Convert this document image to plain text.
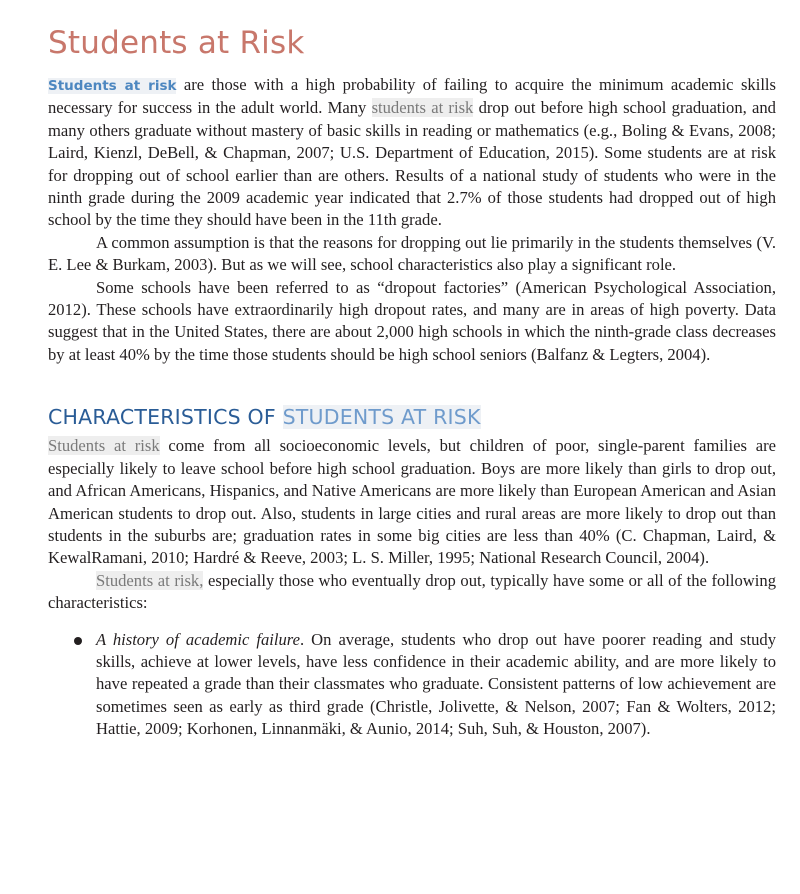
Students at Risk

Students at risk are those with a high probability of failing to acquire the minimum academic skills necessary for success in the adult world. Many students at risk drop out before high school graduation, and many others graduate without mastery of basic skills in reading or mathematics (e.g., Boling & Evans, 2008; Laird, Kienzl, DeBell, & Chapman, 2007; U.S. Department of Education, 2015). Some students are at risk for dropping out of school earlier than are others. Results of a national study of students who were in the ninth grade during the 2009 academic year indicated that 2.7% of those students had dropped out of high school by the time they should have been in the 11th grade.

A common assumption is that the reasons for dropping out lie primarily in the students themselves (V. E. Lee & Burkam, 2003). But as we will see, school characteristics also play a significant role.

Some schools have been referred to as “dropout factories” (American Psychological Association, 2012). These schools have extraordinarily high dropout rates, and many are in areas of high poverty. Data suggest that in the United States, there are about 2,000 high schools in which the ninth-grade class decreases by at least 40% by the time those students should be high school seniors (Balfanz & Legters, 2004).

CHARACTERISTICS OF STUDENTS AT RISK

Students at risk come from all socioeconomic levels, but children of poor, single-parent families are especially likely to leave school before high school graduation. Boys are more likely than girls to drop out, and African Americans, Hispanics, and Native Americans are more likely than European American and Asian American students to drop out. Also, students in large cities and rural areas are more likely to drop out than students in the suburbs are; graduation rates in some big cities are less than 40% (C. Chapman, Laird, & KewalRamani, 2010; Hardré & Reeve, 2003; L. S. Miller, 1995; National Research Council, 2004).

Students at risk, especially those who eventually drop out, typically have some or all of the following characteristics:

A history of academic failure. On average, students who drop out have poorer reading and study skills, achieve at lower levels, have less confidence in their academic ability, and are more likely to have repeated a grade than their classmates who graduate. Consistent patterns of low achievement are sometimes seen as early as third grade (Christle, Jolivette, & Nelson, 2007; Fan & Wolters, 2012; Hattie, 2009; Korhonen, Linnanmäki, & Aunio, 2014; Suh, Suh, & Houston, 2007).
